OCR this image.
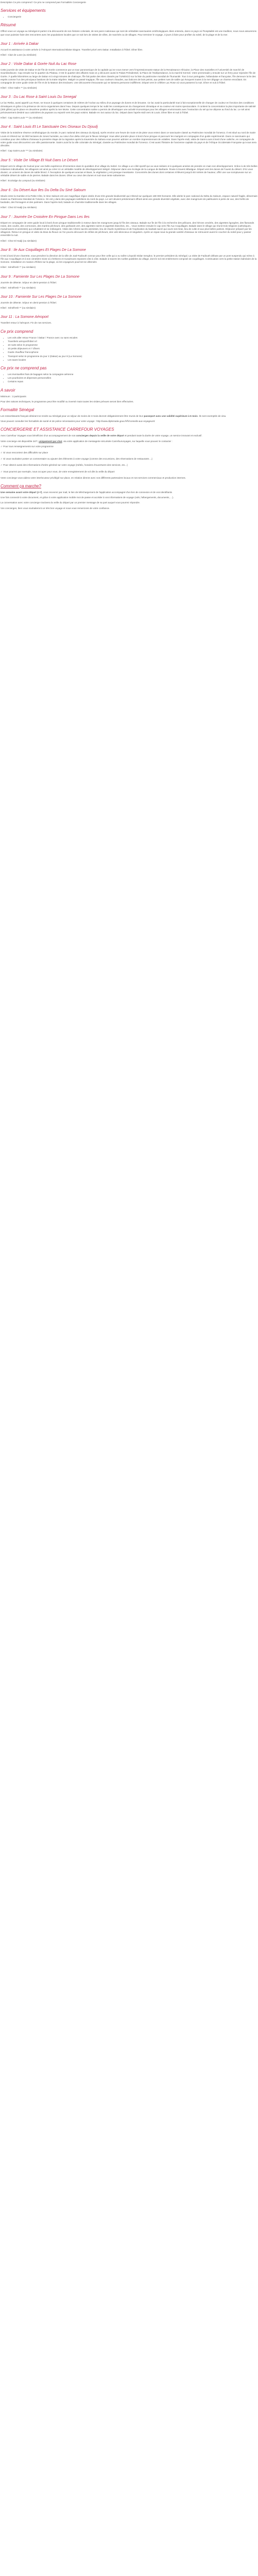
Description Ce prix comprend / Ce prix ne comprend pas Formalités Conciergerie

Services et équipements
• Conciergerie
Résumé

Offrez-vous un voyage au Sénégal et partez à la découverte de son histoire coloniale, de ses parcs nationaux qui sont de véritables sanctuaires ornithologiques. Bien entendu, dans ce pays où l'hospitalité est une tradition, nous nous assurerons que vous puissiez faire des rencontres avec les populations locales que ce soit lors de visites de villes, de marchés ou de villages. Pour terminer le voyage, 3 jours à faire pour profiter du soleil, de la plage et de la mer.

Jour 1 : Arrivée à Dakar

Accueil et assistance à votre arrivée à l'Aéroport International Blaise Diagne. Transfert privé vers Dakar. Installation à l'hôtel. Dîner libre.

Hôtel : Clair de Lune (ou similaire)

Jour 2 : Visite Dakar & Gorée Nuit Au Lac Rose

Cette journée de visite de Dakar et de l'île de Gorée commence par un tour panoramique de la capitale qui se vous mener vers l'impressionnante statue de la Renaissance Africaine, la Place des manielles et l'université de marché de Soumbedioune. Cap ensuite sur le quartier du Plateau. C'est le quartier des affaires mais on y découvre aussi le Palais Présidentiel, la Place de l'Indépendance, la la marché Kermel. Votre promenade y ensuite sur un ferry pour rejoindre l'île de Gorée. À quelle kilomètres au large de Dakar et à vingt minutes de chaloupe, l'île fait partie des sites classés par l'UNESCO sur la liste du patrimoine mondial de l'humanité. Tour à tour portugaise, hollandaise et française, l'île demeure la lie des esprits comme l'un des principaux bastions de la traite négrière. Malgré ce passé tragique, l'île aux couleurs chaudes, aux balcons de bois peints, aux petites rues de sable qui évoquent toutes à la mer dégage un charme envoûtant. En compagnie de votre guide visite de l'île et de la Maison des Esclaves. Une découverte émouvante qui ne laissera personne indifférent. Départ vers le célèbre Lac Rose où vous passerez la nuit. Dîner et nuit à l'hôtel.

Hôtel : Chez Salim ** (ou similaire)

Jour 3 : Du Lac Rose à Saint Louis Du Senegal

Le lac Retba, aussi appelé Lac Rose, se trouve à quelques centaines de mètres de l'océan au milieu d'un paysage de dunes et de brousse. Ce lac avait la particularité tout à fait exceptionnelle de changer de couleur en fonction des conditions climatiques et grâce à la présence de micro-organismes dans l'eau. Depuis quelques temps le lac subit les conséquences du changement climatique et sa couleur est moins spectaculaire. Il contient la concentration la plus importante de salinité (300 g/litre) qui le place en deuxième position après la mer Morte. Cette concentration saline a permis de développer une activité économique pour les villages environnants avec l'extraction du sel qui se dépose au fond du lac. Le sel ainsi précieusement destiné aux cuisinières de paysans ou exporté vers les pays voisins. Balade en 4x4 autour du lac. Départ dans l'après-midi vers St Louis. Dîner libre et nuit à l'hôtel.

Hôtel : Cap Saint-Louis *** (ou similaire)

Jour 4 : Saint Louis Et Le Sanctuaire Des Oiseaux Du Djoudj

Visite de la troisième réserve ornithologique du monde, le parc national des oiseaux du Djoudj. Après environ une heure de route et de piste vous entrez dans ce sanctuaire classé au Patrimoine mondial de l'Unesco. Il est situé au nord de Saint-Louis et s'étend sur 16 000 hectares de zones humides, au cœur d'un delta créé par le fleuve Sénégal. Vous allez prendre place à bord d'une pirogue et parcourir les marigots en compagnie d'un guide expérimenté. Dans ce sanctuaire qui constitue pour des millions d'oiseaux la première étape de la migration après la traversée du Sahara vous pourrez admirer un nombre impressionnant de volatiles. Dans l'après-midi, visite de Saint-Louis à bord d'une calèche, en compagnie de votre guide vous découvrirez une ville passionnante. Saint-Louis fut la ville coloniale du Sénégal, classée au Patrimoine mondial de l'Unesco. C'est aussi l'histoire de l'ancienne capitale du pays et de l'Afrique Occidentale Française qui vous sera dévoilée.

Hôtel : Cap Saint-Louis *** (ou similaire)

Jour 5 : Visite De Village Et Nuit Dans Le Désert

Départ vers le village de Guéoul pour une belle expérience d'immersion dans le quotidien d'un village du Sahel. Ce village a un côté sportif qui va vous séduire et à quelques années de prendre en main son développement. Grâce à de très belles initiatives individuelles, les villageois ont ainsi pu créer ici un véritable modèle de développement intégré. Déjeuner dans une écologie de la Langue de Barbarie. Route à travers Mbatigue. Départ vers les dunes de l'ouest du désert. D'ici vous doutez, un univers de dunes de sable blond. À l'exception de quelques acacias et Baos, la végétation y est presque inexistante. Concentrés des dunes dont certaines s'élèvent jusqu'à 50 mètres de hauteur, offrir une vue somptueuse sur un véritable désert de sable et de pierres. Balade dans les dunes. Dîner au cœur des dunes et nuit sous tente saharienne.

Hôtel : Ecolodge du Lompoul (ou similaire)

Jour 6 : Du Désert Aux Iles Du Delta Du Siné Saloum

Située entre la Gambie et la Petite Côte, le Sine Saloum est une magnifique région dotée d'une très grande biodiversité qui s'étend sur quelques 180 000 hectares. Elle abrite le parc national du Delta du Saloum, espace naturel fragile, désormais classé au Patrimoine Mondial de l'Unesco. On est y dans des paysages sahéliens du nord du pays. Le vert devient prédominant offrant ainsi une grande diversité végétale, avec des mangroves de palétuviers à perte de vue, des forêts de baobabs, des fromagers et des palmiers. Dans l'après-midi, balade en charrette traditionnelle dans les villages.

Hôtel : Chez El Hadji (ou similaire)

Jour 7 : Journée De Croisière En Pirogue Dans Les Iles

Départ en compagnie de votre guide local à bord d'une pirogue traditionnelle à moteur dans les mangroves jusqu'à l'île des oiseaux. Balade sur île de l'île à la recherche des pélicans, des hérons cendrés, des aigrettes égorgées, des flamands roses, des courlis, des cormorans, des martins pêcheurs, des goélands vert, des aigrettes noires et aigrettes blanches, etc... Vous mettrez ensuite le cap vers l'île Aux Coquillages. Balade dans le village qui réunit trois religions (catholiques, musulmanes et animistes) qui cohabitent et se mélangent. Visite des Arbres sacrés animistes, lieu de rituels mystérieux et de l'explication du baobab sacré qui ouvre ses bras, lieu de culte et aux plus belles palmes. Déjeuner préparé par les villageois. Retour en pirogue et visite du Bras du fleuve où l'on pourra découvrir de drôles de pêcheurs, des vols silencieux et singuliers. Après un repas sous la grande variété d'oiseaux se retrouvent avant le coucher du soleil pour y passer ensemble la nuit.

Hôtel : Chez El Hadji (ou similaire)

Jour 8 : Ile Aux Coquillages Et Plages De La Somone

C'est à bord d'une charrette, vous prendrez la direction de la ville de Joal-Fadiouth connue pour être celle qui a vu naître Léopold Sédar Senghor, le premier président du Sénégal. La visite de Fadiouth débute par un pont suspendu qui mène à l'île aux Coquillages et à son cimetière mixte où chrétiens et musulmans reposent côte à côte. Balade à travers les ruelles paisibles du village, dont le sol est entièrement composé de coquillages. Continuation vers la petite station balnéaire de la Somone. Installation en maison d'hôtes sur la plage, où les voyageurs pourront se détendre.

Hôtel : Sénéfresh ** (ou similaire)

Jour 9 : Farniente Sur Les Plages De La Somone

Journée de détente. Séjour en demi-pension à l'hôtel.

Hôtel : Sénéfresh ** (ou similaire)

Jour 10 : Farniente Sur Les Plages De La Somone

Journée de détente. Séjour en demi-pension à l'hôtel.

Hôtel : Sénéfresh ** (ou similaire)

Jour 11 : La Somone Aéroport

Transfert retour à l'aéroport. Fin de nos services.

Ce prix comprend
• Les vols aller retour France / Dakar / France avec ou sans escales
• Transferts aéroport/hôtel A/r
• 10 nuits selon le programme
• 10 petits déjeuners et 7 dîners
• Guide chauffeur francophone
• Transport selon le programme du jour 2 (Dakar) au jour 8 (La Somone)
• Les taxes locales
Ce prix ne comprend pas
• Les éventuelles frais de bagages selon la compagnie aérienne
• Les pourboires et dépenses personnelles
• Certains repas
A savoir

Minimum : 2 participants

Pour des raisons techniques, le programme peut être modifié ou inversé mais toutes les visites prévues seront bien effectuées.

Formalité Sénégal

Les ressortissants français désirant se rendre au Sénégal pour un séjour de moins de 3 mois devront obligatoirement être munis de leur passeport avec une validité supérieure à 6 mois. Ils sont exemptés de visa.

Vous pouvez consulter les formalités de santé et de police nécessaires pour votre voyage : http://www.diplomatie.gouv.fr/fr/conseils-aux-voyageurs/

CONCIERGERIE ET ASSISTANCE CARREFOUR VOYAGES

Avec Carrefour Voyages vous bénéficiez d'un accompagnement de nos concierges depuis la veille de votre départ et pendant toute la durée de votre voyage, un service innovant et exclusif.

Votre concierge est disponible 24/7, uniquement par chat, via votre application de messagerie sécurisée Carrefourvoyages, sur laquelle vous pouvez le contacter :

✓ Pour tous renseignements sur votre programme

✓ Si vous rencontrez des difficultés sur place

✓ Si vous souhaitez poster un commentaire ou ajouter des éléments à votre voyage (comme des excursions, des réservations de restaurants ...)

✓ Pour obtenir aussi des informations d'ordre général sur votre voyage (météo, horaires d'ouvertures des services, etc...)

✓ Vous pourrez par exemple, nous occuper pour vous, de votre enregistrement de vol dès la veille du départ

Votre concierge vous aidera votre interlocuteur privilégié sur place, en relation directe avec nos différents partenaires locaux et nos services commerciaux et production internes.

Comment ça marche?

Une semaine avant votre départ (J-7), vous recevrez par mail, le lien de téléchargement de l'application accompagné d'un lien de connexion et de vos identifiants.

Une fois connecté à votre document, et grâce à votre application mobile mot de passe et accéder à vos informations de voyage (vols, hébergements, documents, ...).

La conversation avec votre concierge s'activera la veille du départ par un premier message de sa part auquel vous pourrez répondre.

Vos concierges, bien vous souhaiteront un très bon voyage et nous vous remercions de votre confiance.
